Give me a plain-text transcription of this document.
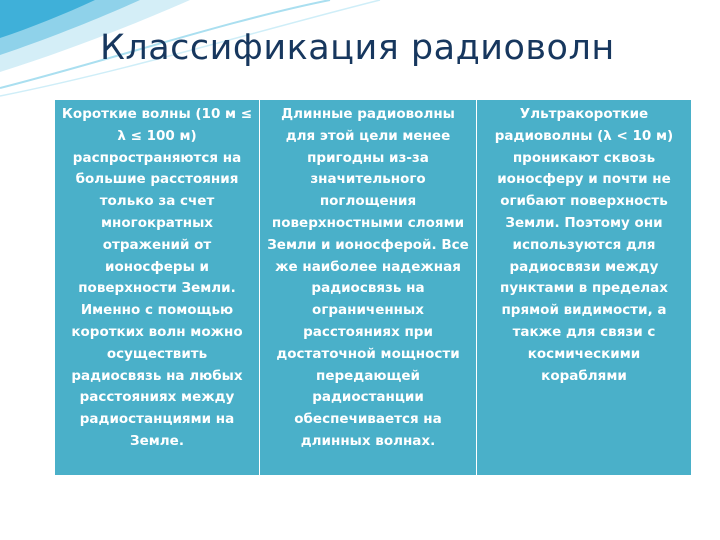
Классификация радиоволн
Короткие волны (10 м ≤
λ ≤ 100 м)
распространяются на
большие расстояния
только за счет
многократных
отражений от
ионосферы и
поверхности Земли.
Именно с помощью
коротких волн можно
осуществить
радиосвязь на любых
расстояниях между
радиостанциями на
Земле.
Длинные радиоволны
для этой цели менее
пригодны из-за
значительного
поглощения
поверхностными слоями
Земли и ионосферой. Все
же наиболее надежная
радиосвязь на
ограниченных
расстояниях при
достаточной мощности
передающей
радиостанции
обеспечивается на
длинных волнах.
Ультракороткие
радиоволны (λ < 10 м)
проникают сквозь
ионосферу и почти не
огибают поверхность
Земли. Поэтому они
используются для
радиосвязи между
пунктами в пределах
прямой видимости, а
также для связи с
космическими
кораблями
